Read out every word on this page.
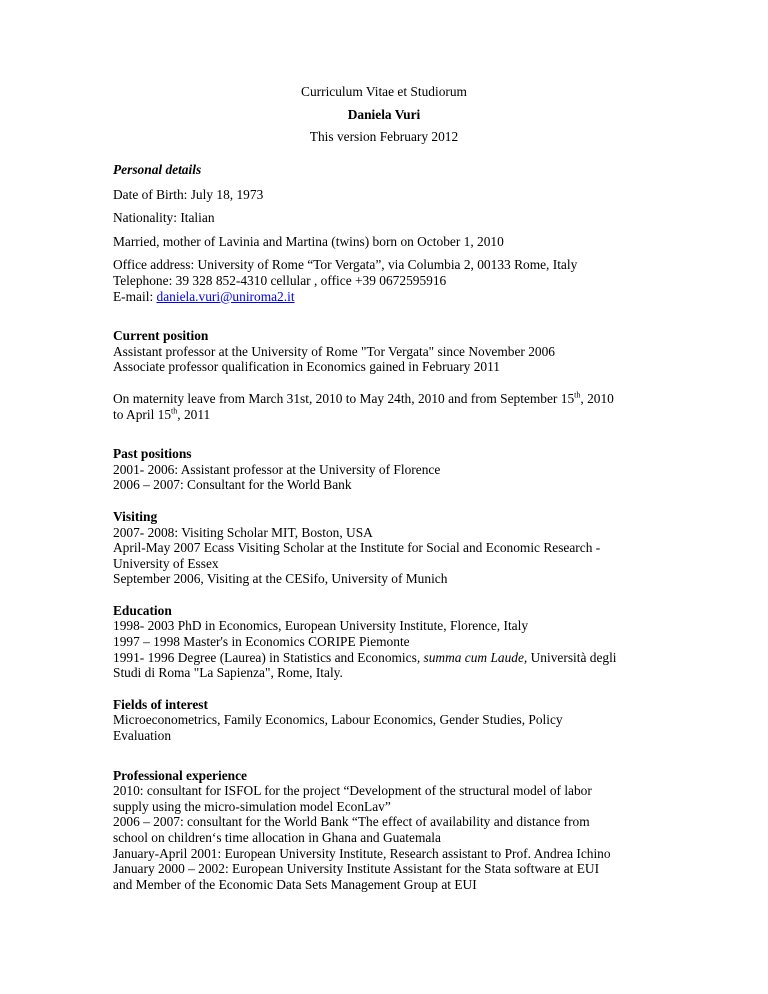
Curriculum Vitae et Studiorum
Daniela Vuri
This version February 2012
Personal details
Date of Birth: July 18, 1973
Nationality: Italian
Married, mother of Lavinia and Martina (twins) born on October 1, 2010
Office address: University of Rome “Tor Vergata”, via Columbia 2, 00133 Rome, Italy
Telephone: 39 328 852-4310 cellular , office +39 0672595916
E-mail: daniela.vuri@uniroma2.it
Current position
Assistant professor at the University of Rome "Tor Vergata" since November 2006
Associate professor qualification in Economics gained in February 2011
On maternity leave from March 31st, 2010 to May 24th, 2010 and from September 15th, 2010
to April 15th, 2011
Past positions
2001- 2006: Assistant professor at the University of Florence
2006 – 2007: Consultant for the World Bank
Visiting
2007- 2008: Visiting Scholar MIT, Boston, USA
April-May 2007 Ecass Visiting Scholar at the Institute for Social and Economic Research -
University of Essex
September 2006, Visiting at the CESifo, University of Munich
Education
1998- 2003 PhD in Economics, European University Institute, Florence, Italy
1997 – 1998 Master's in Economics CORIPE Piemonte
1991- 1996 Degree (Laurea) in Statistics and Economics, summa cum Laude, Università degli
Studi di Roma "La Sapienza", Rome, Italy.
Fields of interest
Microeconometrics, Family Economics, Labour Economics, Gender Studies, Policy
Evaluation
Professional experience
2010: consultant for ISFOL for the project “Development of the structural model of labor
supply using the micro-simulation model EconLav”
2006 – 2007: consultant for the World Bank “The effect of availability and distance from
school on children‘s time allocation in Ghana and Guatemala
January-April 2001: European University Institute, Research assistant to Prof. Andrea Ichino
January 2000 – 2002: European University Institute Assistant for the Stata software at EUI
and Member of the Economic Data Sets Management Group at EUI
